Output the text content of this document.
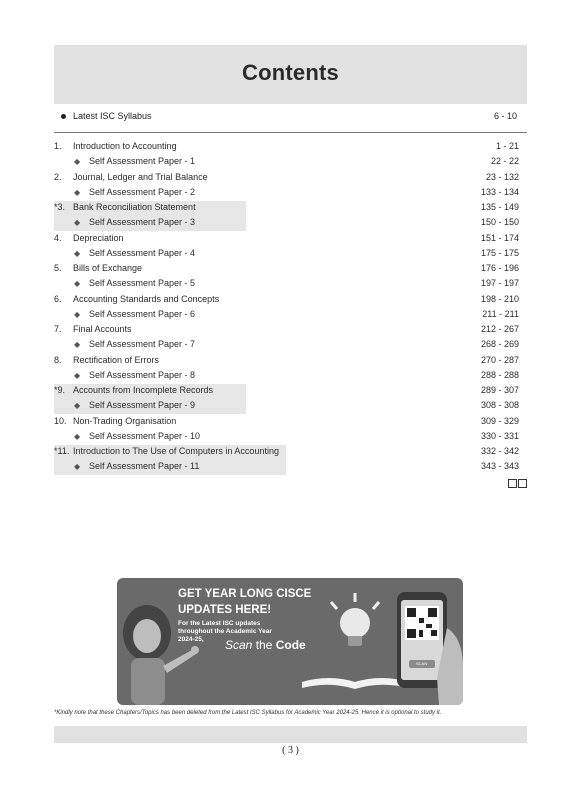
Contents
Latest ISC Syllabus	6 - 10
1. Introduction to Accounting	1 - 21
◆ Self Assessment Paper - 1	22 - 22
2. Journal, Ledger and Trial Balance	23 - 132
◆ Self Assessment Paper - 2	133 - 134
*3. Bank Reconciliation Statement	135 - 149
◆ Self Assessment Paper - 3	150 - 150
4. Depreciation	151 - 174
◆ Self Assessment Paper - 4	175 - 175
5. Bills of Exchange	176 - 196
◆ Self Assessment Paper - 5	197 - 197
6. Accounting Standards and Concepts	198 - 210
◆ Self Assessment Paper - 6	211 - 211
7. Final Accounts	212 - 267
◆ Self Assessment Paper - 7	268 - 269
8. Rectification of Errors	270 - 287
◆ Self Assessment Paper - 8	288 - 288
*9. Accounts from Incomplete Records	289 - 307
◆ Self Assessment Paper - 9	308 - 308
10. Non-Trading Organisation	309 - 329
◆ Self Assessment Paper - 10	330 - 331
*11. Introduction to The Use of Computers in Accounting	332 - 342
◆ Self Assessment Paper - 11	343 - 343
GET YEAR LONG CISCE
UPDATES HERE!
For the Latest ISC updates
throughout the Academic Year
2024-25,	Scan the Code
SCAN
*Kindly note that these Chapters/Topics has been deleted from the Latest ISC Syllabus for Academic Year 2024-25. Hence it is optional to study it.
( 3 )
